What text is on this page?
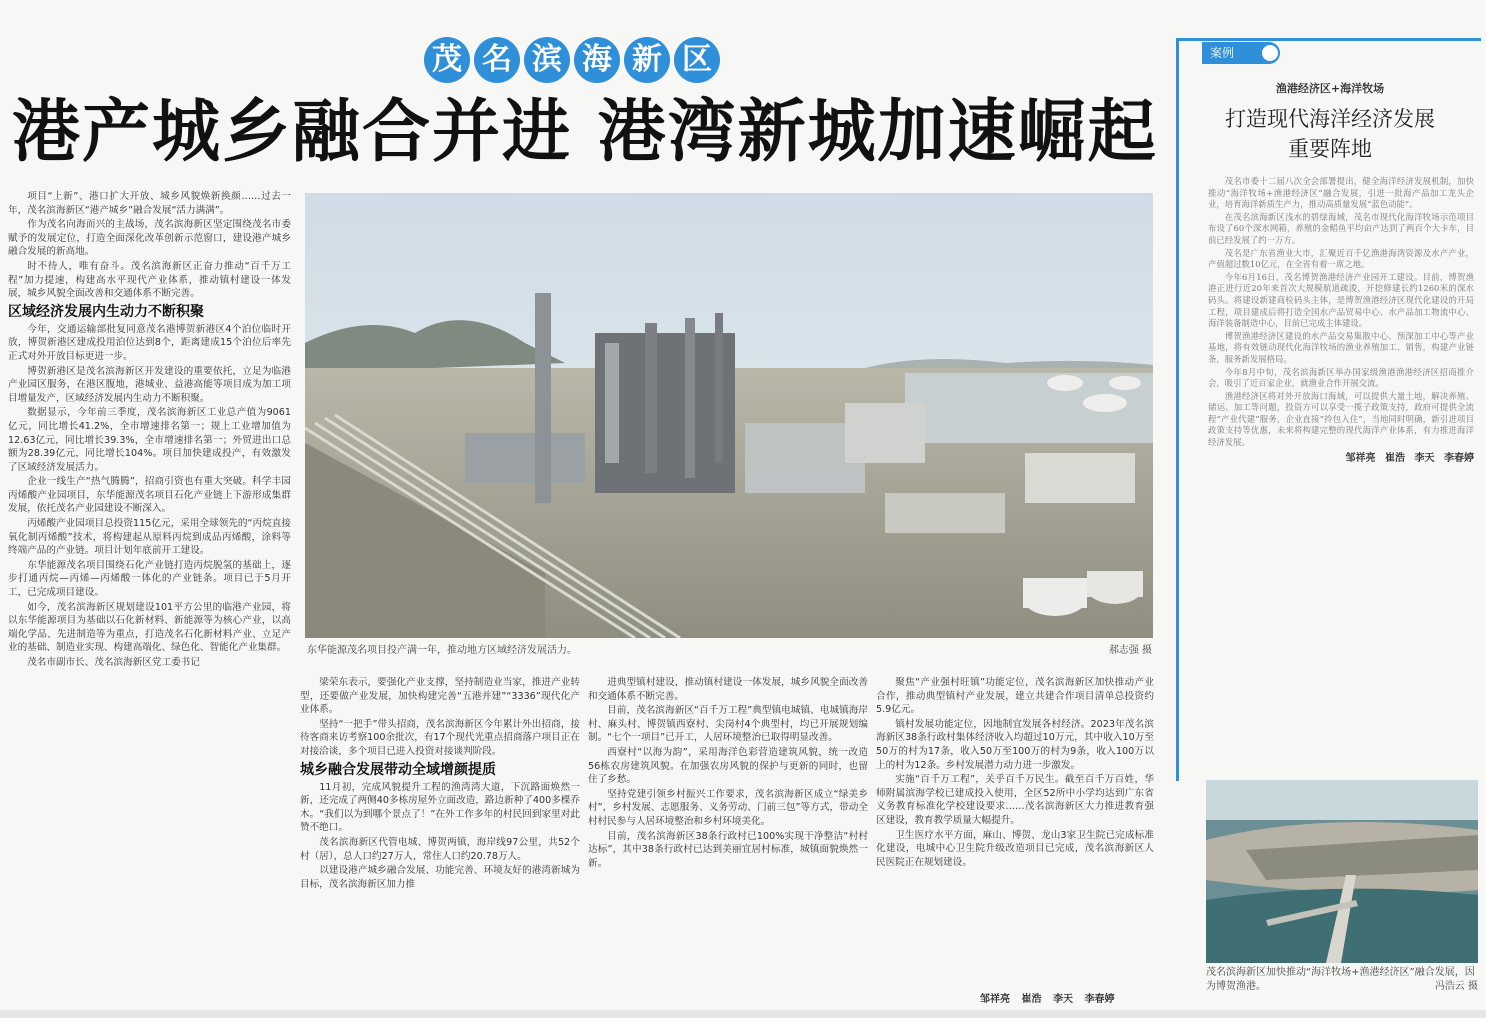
茂 名 滨 海 新 区
港产城乡融合并进 港湾新城加速崛起

项目“上新”、港口扩大开放、城乡风貌焕新换颜……过去一年，茂名滨海新区“港产城乡”融合发展“活力满满”。

作为茂名向海而兴的主战场，茂名滨海新区坚定围绕茂名市委赋予的发展定位，打造全面深化改革创新示范窗口，建设港产城乡融合发展的新高地。

时不待人，唯有奋斗。茂名滨海新区正奋力推动“百千万工程”加力提速，构建高水平现代产业体系，推动镇村建设一体发展，城乡风貌全面改善和交通体系不断完善。

区域经济发展内生动力不断积聚

今年，交通运输部批复同意茂名港博贺新港区4个泊位临时开放，博贺新港区建成投用泊位达到8个，距离建成15个泊位后率先正式对外开放目标更进一步。

博贺新港区是茂名滨海新区开发建设的重要依托，立足为临港产业园区服务，在港区腹地，港城业、益港高能等项目成为加工项目增量发产，区域经济发展内生动力不断积聚。

数据显示，今年前三季度，茂名滨海新区工业总产值为9061亿元，同比增长41.2%，全市增速排名第一；规上工业增加值为12.63亿元，同比增长39.3%，全市增速排名第一；外贸进出口总额为28.39亿元，同比增长104%。项目加快建成投产，有效激发了区域经济发展活力。

企业一线生产“热气腾腾”，招商引资也有重大突破。科学丰园丙烯酸产业园项目，东华能源茂名项目石化产业链上下游形成集群发展，依托茂名产业园建设不断深入。

丙烯酸产业园项目总投资115亿元，采用全球领先的“丙烷直接氧化制丙烯酸”技术，将构建起从原料丙烷到成品丙烯酸，涂料等终端产品的产业链。项目计划年底前开工建设。

东华能源茂名项目围绕石化产业链打造丙烷脱氢的基础上，逐步打通丙烷—丙烯—丙烯酸一体化的产业链条。项目已于5月开工，已完成项目建设。

如今，茂名滨海新区规划建设101平方公里的临港产业园，将以东华能源项目为基础以石化新材料、新能源等为核心产业，以高端化学品、先进制造等为重点，打造茂名石化新材料产业、立足产业的基础、制造业实现、构建高端化、绿色化、智能化产业集群。

茂名市副市长、茂名滨海新区党工委书记

东华能源茂名项目投产满一年，推动地方区域经济发展活力。	郝志强 摄

梁荣东表示，要强化产业支撑，坚持制造业当家，推进产业转型，还要做产业发展，加快构建完善“五港并建”“3336”现代化产业体系。

坚持“一把手”带头招商，茂名滨海新区今年累计外出招商，接待客商来访考察100余批次，有17个现代光重点招商落户项目正在对接洽谈，多个项目已进入投资对接谈判阶段。

城乡融合发展带动全域增颜提质

11月初，完成风貌提升工程的渔湾湾大道，下沉路面焕然一新，还完成了两侧40多栋房屋外立面改造，路边新种了400多棵乔木。“我们以为到哪个景点了！”在外工作多年的村民回到家里对此赞不绝口。

茂名滨海新区代管电城、博贺两镇，海岸线97公里，共52个村（居），总人口约27万人，常住人口约20.78万人。

以建设港产城乡融合发展、功能完善、环境友好的港湾新城为目标，茂名滨海新区加力推

进典型镇村建设，推动镇村建设一体发展，城乡风貌全面改善和交通体系不断完善。

目前，茂名滨海新区“百千万工程”典型镇电城镇、电城镇海岸村、麻头村、博贺镇西寮村、尖岗村4个典型村，均已开展规划编制。“七个一项目”已开工，人居环境整治已取得明显改善。

西寮村“以海为韵”，采用海洋色彩营造建筑风貌，统一改造56栋农房建筑风貌。在加强农房风貌的保护与更新的同时，也留住了乡愁。

坚持党建引领乡村振兴工作要求，茂名滨海新区成立“绿美乡村”，乡村发展、志愿服务、义务劳动、门前三包”等方式，带动全村村民参与人居环境整治和乡村环境美化。

目前，茂名滨海新区38条行政村已100%实现干净整洁“村村达标”，其中38条行政村已达到美丽宜居村标准，城镇面貌焕然一新。

聚焦“产业强村旺镇”功能定位，茂名滨海新区加快推动产业合作，推动典型镇村产业发展，建立共建合作项目清单总投资约5.9亿元。

镇村发展功能定位，因地制宜发展各村经济。2023年茂名滨海新区38条行政村集体经济收入均超过10万元，其中收入10万至50万的村为17条，收入50万至100万的村为9条，收入100万以上的村为12条。乡村发展潜力动力进一步激发。

实施“百千万工程”，关乎百千万民生。截至百千万百姓，华师附属滨海学校已建成投入使用，全区52所中小学均达到广东省义务教育标准化学校建设要求……茂名滨海新区大力推进教育强区建设，教育教学质量大幅提升。

卫生医疗水平方面，麻山、博贺、龙山3家卫生院已完成标准化建设，电城中心卫生院升级改造项目已完成，茂名滨海新区人民医院正在规划建设。

邹祥亮 崔浩 李天 李春婷
案例
渔港经济区+海洋牧场
打造现代海洋经济发展
重要阵地

茂名市委十二届八次全会部署提出，健全海洋经济发展机制，加快推动“海洋牧场+渔港经济区”融合发展，引进一批海产品加工龙头企业，培育海洋新质生产力，推动高质量发展“蓝色动能”。

在茂名滨海新区浅水的碧绿海域，茂名市现代化海洋牧场示范项目布设了60个深水网箱，养殖的金鲳鱼平均亩产达到了两百个大卡车，目前已经发展了约一万方。

茂名是广东省渔业大市，汇聚近百千亿渔港海湾资源及水产产业，产值超过数10亿元，在全省有着一席之地。

今年6月16日，茂名博贺渔港经济产业园开工建设。目前，博贺渔港正进行近20年来首次大规模航道疏浚，开挖修建长约1260米的深水码头。将建设新建商检码头主体，是博贺渔港经济区现代化建设的开局工程，项目建成后将打造全国水产品贸易中心、水产品加工物流中心、海洋装备制造中心，目前已完成主体建设。

博贺渔港经济区建设的水产品交易集散中心、预深加工中心等产业基地，将有效链动现代化海洋牧场的渔业养殖加工、销售，构建产业链条，服务新发展格局。

今年8月中旬，茂名滨海新区举办国家级渔港渔港经济区招商推介会，吸引了近百家企业，就渔业合作开展交流。

渔港经济区将对外开放海口海域，可以提供大量土地，解决养殖、储运、加工等问题，投资方可以享受一揽子政策支持，政府可提供全流程“产业代建”服务，企业直接“拎包入住”，当地同时明确，新引进项目政策支持等优惠，未来将构建完整的现代海洋产业体系，有力推进海洋经济发展。

邹祥亮 崔浩 李天 李春婷
茂名滨海新区加快推动“海洋牧场+渔港经济区”融合发展，因为博贺渔港。	冯浩云 摄
